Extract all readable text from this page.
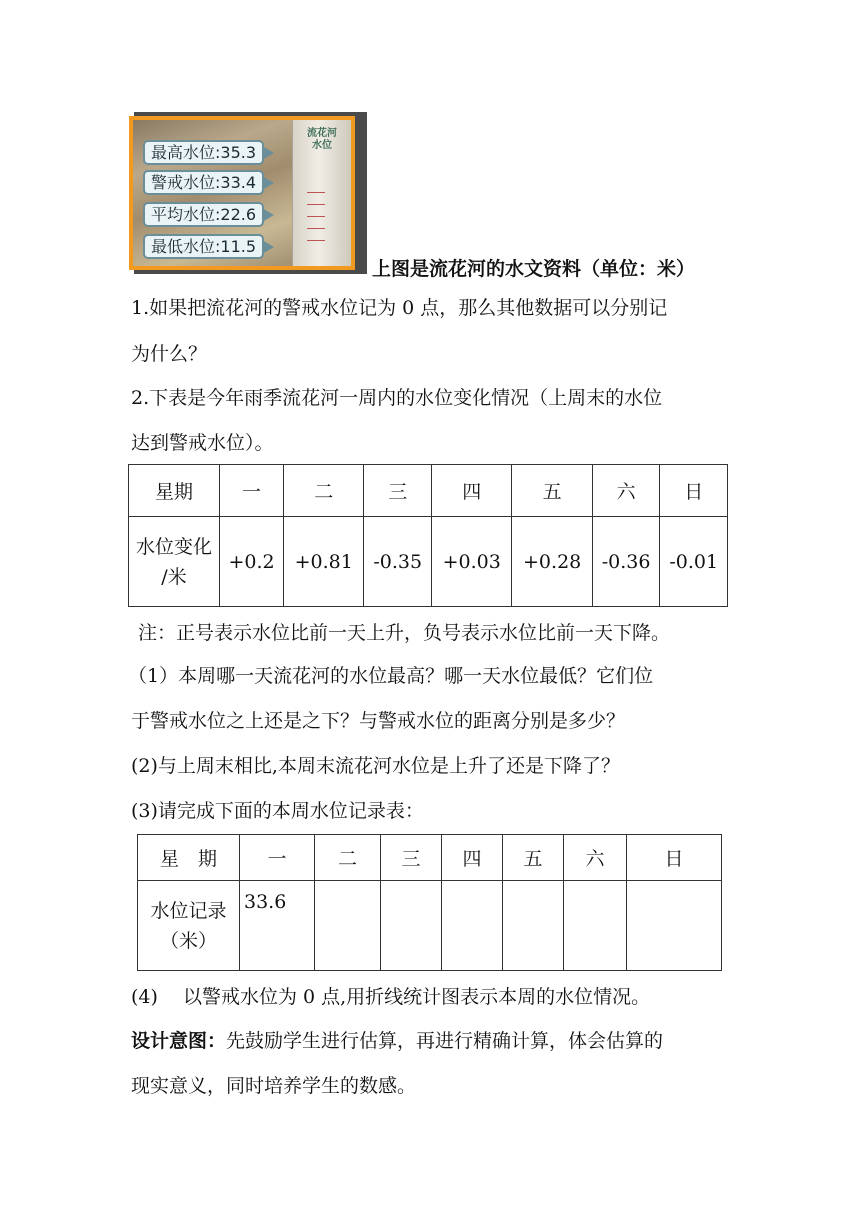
流花河水位
最高水位:35.3
警戒水位:33.4
平均水位:22.6
最低水位:11.5
上图是流花河的水文资料（单位：米）
1.如果把流花河的警戒水位记为 0 点，那么其他数据可以分别记
为什么？
2.下表是今年雨季流花河一周内的水位变化情况（上周末的水位
达到警戒水位）。
星期	一	二	三	四	五	六	日

水位变化
/米	+0.2	+0.81	-0.35	+0.03	+0.28	-0.36	-0.01
注：正号表示水位比前一天上升，负号表示水位比前一天下降。
（1）本周哪一天流花河的水位最高？哪一天水位最低？它们位
于警戒水位之上还是之下？与警戒水位的距离分别是多少？
(2)与上周末相比,本周末流花河水位是上升了还是下降了？
(3)请完成下面的本周水位记录表：
星　期	一	二	三	四	五	六	日

水位记录
（米）	33.6						
(4)　 以警戒水位为 0 点,用折线统计图表示本周的水位情况。
设计意图：先鼓励学生进行估算，再进行精确计算，体会估算的
现实意义，同时培养学生的数感。
